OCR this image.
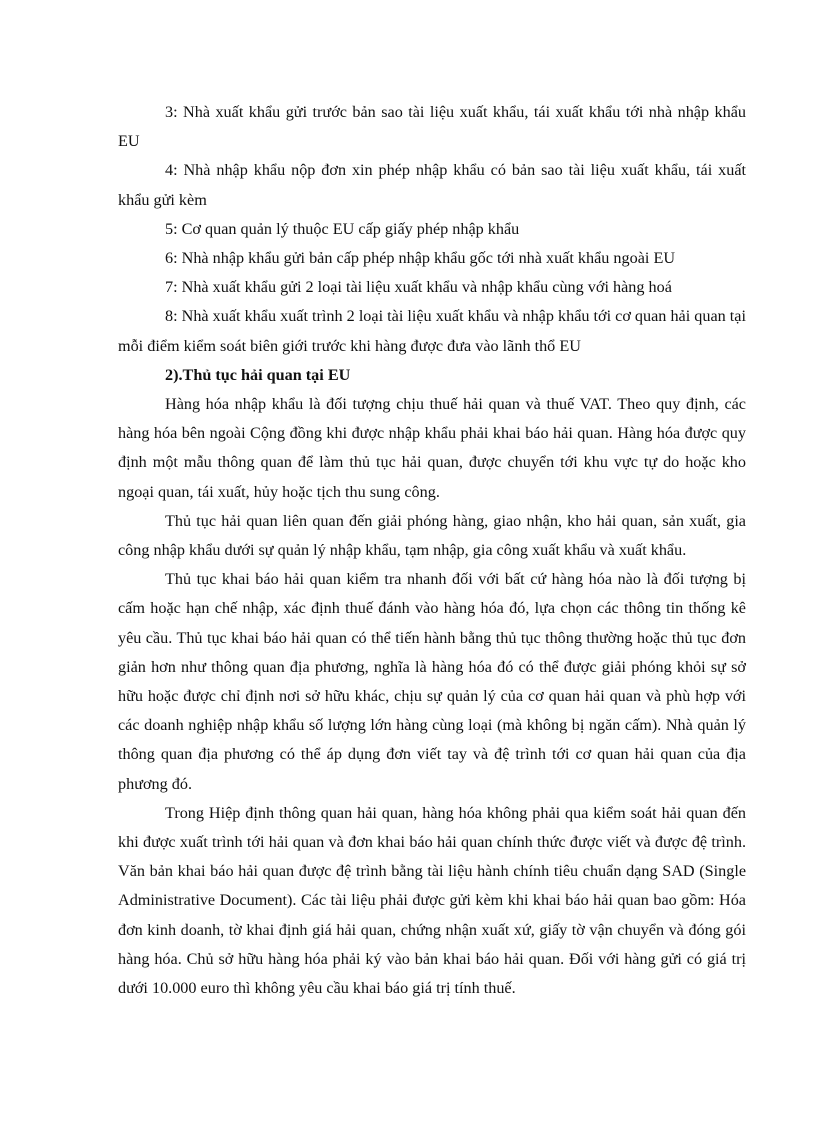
3: Nhà xuất khẩu gửi trước bản sao tài liệu xuất khẩu, tái xuất khẩu tới nhà nhập khẩu EU

4: Nhà nhập khẩu nộp đơn xin phép nhập khẩu có bản sao tài liệu xuất khẩu, tái xuất khẩu gửi kèm

5: Cơ quan quản lý thuộc EU cấp giấy phép nhập khẩu

6: Nhà nhập khẩu gửi bản cấp phép nhập khẩu gốc tới nhà xuất khẩu ngoài EU

7: Nhà xuất khẩu gửi 2 loại tài liệu xuất khẩu và nhập khẩu cùng với hàng hoá

8: Nhà xuất khẩu xuất trình 2 loại tài liệu xuất khẩu và nhập khẩu tới cơ quan hải quan tại mỗi điểm kiểm soát biên giới trước khi hàng được đưa vào lãnh thổ EU

2).Thủ tục hải quan tại EU

Hàng hóa nhập khẩu là đối tượng chịu thuế hải quan và thuế VAT. Theo quy định, các hàng hóa bên ngoài Cộng đồng khi được nhập khẩu phải khai báo hải quan. Hàng hóa được quy định một mẫu thông quan để làm thủ tục hải quan, được chuyển tới khu vực tự do hoặc kho ngoại quan, tái xuất, hủy hoặc tịch thu sung công.

Thủ tục hải quan liên quan đến giải phóng hàng, giao nhận, kho hải quan, sản xuất, gia công nhập khẩu dưới sự quản lý nhập khẩu, tạm nhập, gia công xuất khẩu và xuất khẩu.

Thủ tục khai báo hải quan kiểm tra nhanh đối với bất cứ hàng hóa nào là đối tượng bị cấm hoặc hạn chế nhập, xác định thuế đánh vào hàng hóa đó, lựa chọn các thông tin thống kê yêu cầu. Thủ tục khai báo hải quan có thể tiến hành bằng thủ tục thông thường hoặc thủ tục đơn giản hơn như thông quan địa phương, nghĩa là hàng hóa đó có thể được giải phóng khỏi sự sở hữu hoặc được chỉ định nơi sở hữu khác, chịu sự quản lý của cơ quan hải quan và phù hợp với các doanh nghiệp nhập khẩu số lượng lớn hàng cùng loại (mà không bị ngăn cấm). Nhà quản lý thông quan địa phương có thể áp dụng đơn viết tay và đệ trình tới cơ quan hải quan của địa phương đó.

Trong Hiệp định thông quan hải quan, hàng hóa không phải qua kiểm soát hải quan đến khi được xuất trình tới hải quan và đơn khai báo hải quan chính thức được viết và được đệ trình. Văn bản khai báo hải quan được đệ trình bằng tài liệu hành chính tiêu chuẩn dạng SAD (Single Administrative Document). Các tài liệu phải được gửi kèm khi khai báo hải quan bao gồm: Hóa đơn kinh doanh, tờ khai định giá hải quan, chứng nhận xuất xứ, giấy tờ vận chuyển và đóng gói hàng hóa. Chủ sở hữu hàng hóa phải ký vào bản khai báo hải quan. Đối với hàng gửi có giá trị dưới 10.000 euro thì không yêu cầu khai báo giá trị tính thuế.
